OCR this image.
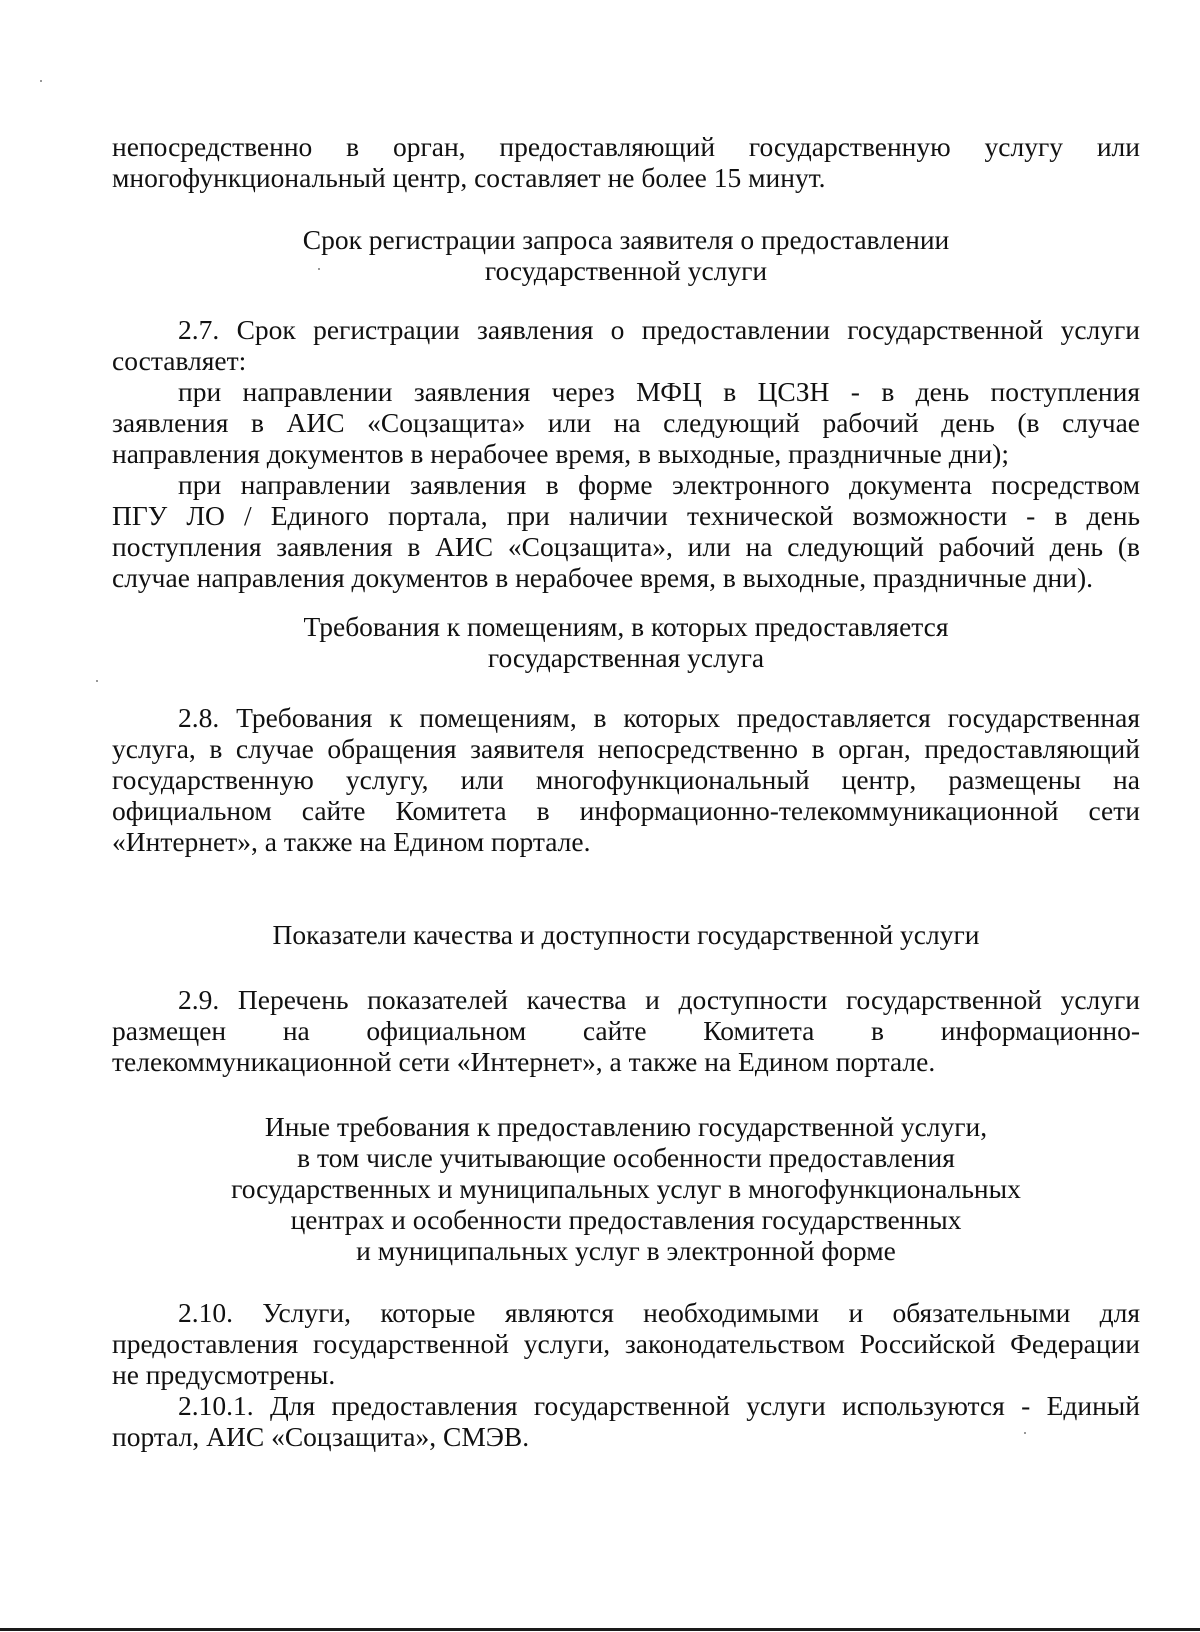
непосредственно в орган, предоставляющий государственную услугу или
многофункциональный центр, составляет не более 15 минут.
Срок регистрации запроса заявителя о предоставлении
государственной услуги
2.7. Срок регистрации заявления о предоставлении государственной услуги
составляет:
при направлении заявления через МФЦ в ЦСЗН - в день поступления
заявления в АИС «Соцзащита» или на следующий рабочий день (в случае
направления документов в нерабочее время, в выходные, праздничные дни);
при направлении заявления в форме электронного документа посредством
ПГУ ЛО / Единого портала, при наличии технической возможности - в день
поступления заявления в АИС «Соцзащита», или на следующий рабочий день (в
случае направления документов в нерабочее время, в выходные, праздничные дни).
Требования к помещениям, в которых предоставляется
государственная услуга
2.8. Требования к помещениям, в которых предоставляется государственная
услуга, в случае обращения заявителя непосредственно в орган, предоставляющий
государственную услугу, или многофункциональный центр, размещены на
официальном сайте Комитета в информационно-телекоммуникационной сети
«Интернет», а также на Едином портале.
Показатели качества и доступности государственной услуги
2.9. Перечень показателей качества и доступности государственной услуги
размещен на официальном сайте Комитета в информационно-
телекоммуникационной сети «Интернет», а также на Едином портале.
Иные требования к предоставлению государственной услуги,
в том числе учитывающие особенности предоставления
государственных и муниципальных услуг в многофункциональных
центрах и особенности предоставления государственных
и муниципальных услуг в электронной форме
2.10. Услуги, которые являются необходимыми и обязательными для
предоставления государственной услуги, законодательством Российской Федерации
не предусмотрены.
2.10.1. Для предоставления государственной услуги используются - Единый
портал, АИС «Соцзащита», СМЭВ.
